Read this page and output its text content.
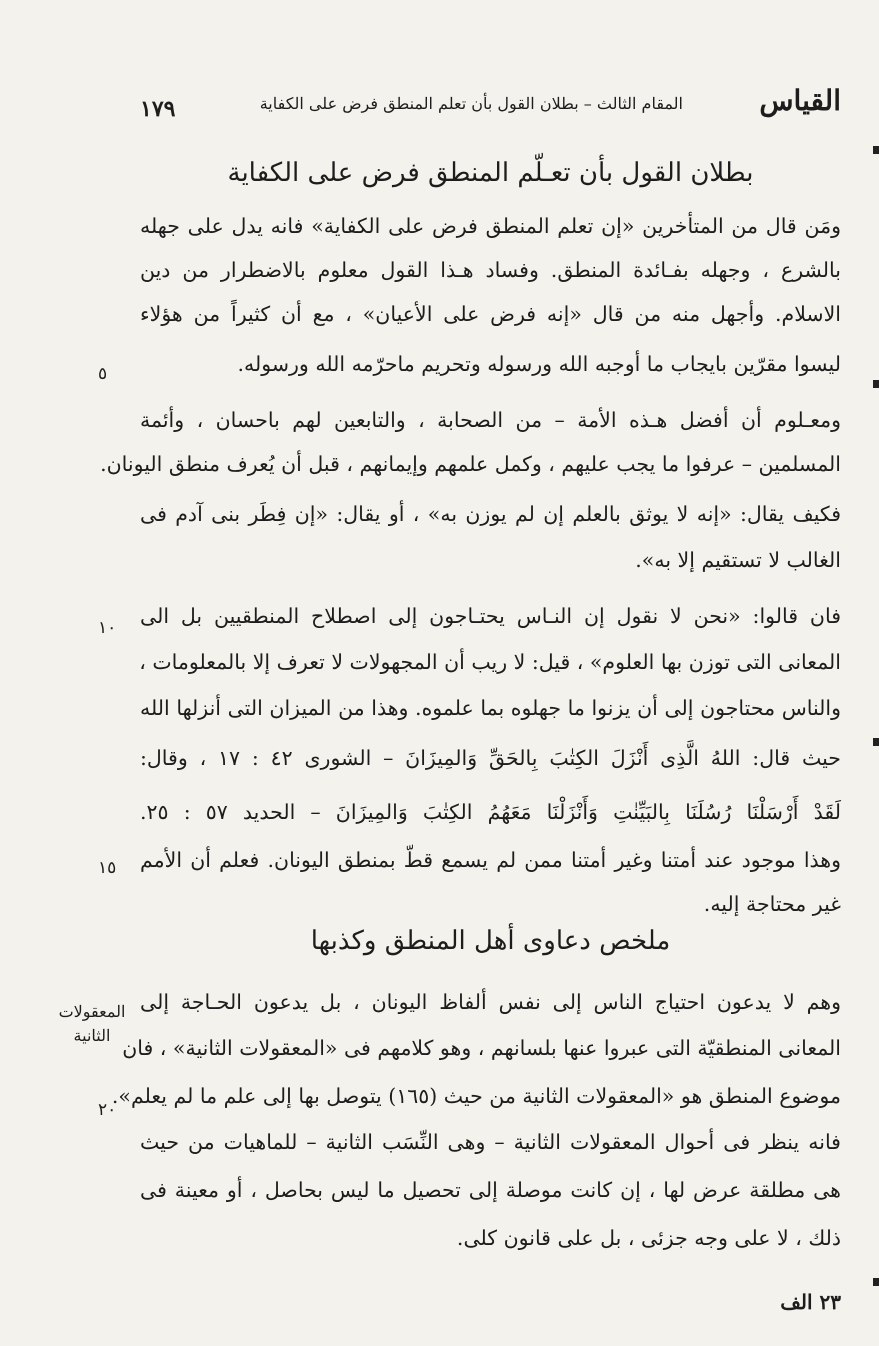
القياس
المقام الثالث – بطلان القول بأن تعلم المنطق فرض على الكفاية
١٧٩
بطلان القول بأن تعـلّم المنطق فرض على الكفاية
ومَن قال من المتأخرين «إن تعلم المنطق فرض على الكفاية» فانه يدل على جهله
بالشرع ، وجهله بفـائدة المنطق. وفساد هـذا القول معلوم بالاضطرار من دين
الاسلام. وأجهل منه من قال «إنه فرض على الأعيان» ، مع أن كثيراً من هؤلاء
ليسوا مقرّين بايجاب ما أوجبه الله ورسوله وتحريم ماحرّمه الله ورسوله.
ومعـلوم أن أفضل هـذه الأمة – من الصحابة ، والتابعين لهم باحسان ، وأئمة
المسلمين – عرفوا ما يجب عليهم ، وكمل علمهم وإيمانهم ، قبل أن يُعرف منطق اليونان.
فكيف يقال: «إنه لا يوثق بالعلم إن لم يوزن به» ، أو يقال: «إن فِطَر بنى آدم فى
الغالب لا تستقيم إلا به».
فان قالوا: «نحن لا نقول إن النـاس يحتـاجون إلى اصطلاح المنطقيين بل الى
المعانى التى توزن بها العلوم» ، قيل: لا ريب أن المجهولات لا تعرف إلا بالمعلومات ،
والناس محتاجون إلى أن يزنوا ما جهلوه بما علموه. وهذا من الميزان التى أنزلها الله
حيث قال: اللهُ الَّذِى أَنْزَلَ الكِتٰبَ بِالحَقِّ وَالمِيزَانَ – الشورى ٤٢ : ١٧ ، وقال:
لَقَدْ أَرْسَلْنَا رُسُلَنَا بِالبَيِّنٰتِ وَأَنْزَلْنَا مَعَهُمُ الكِتٰبَ وَالمِيزَانَ – الحديد ٥٧ : ٢٥.
وهذا موجود عند أمتنا وغير أمتنا ممن لم يسمع قطّ بمنطق اليونان. فعلم أن الأمم
غير محتاجة إليه.
ملخص دعاوى أهل المنطق وكذبها
وهم لا يدعون احتياج الناس إلى نفس ألفاظ اليونان ، بل يدعون الحـاجة إلى
المعانى المنطقيّة التى عبروا عنها بلسانهم ، وهو كلامهم فى «المعقولات الثانية» ، فان
موضوع المنطق هو «المعقولات الثانية من حيث (١٦٥) يتوصل بها إلى علم ما لم يعلم».
فانه ينظر فى أحوال المعقولات الثانية – وهى النِّسَب الثانية – للماهيات من حيث
هى مطلقة عرض لها ، إن كانت موصلة إلى تحصيل ما ليس بحاصل ، أو معينة فى
ذلك ، لا على وجه جزئى ، بل على قانون كلى.
المعقولات
الثانية
٥
١٠
١٥
٢٠
٢٣ الف
